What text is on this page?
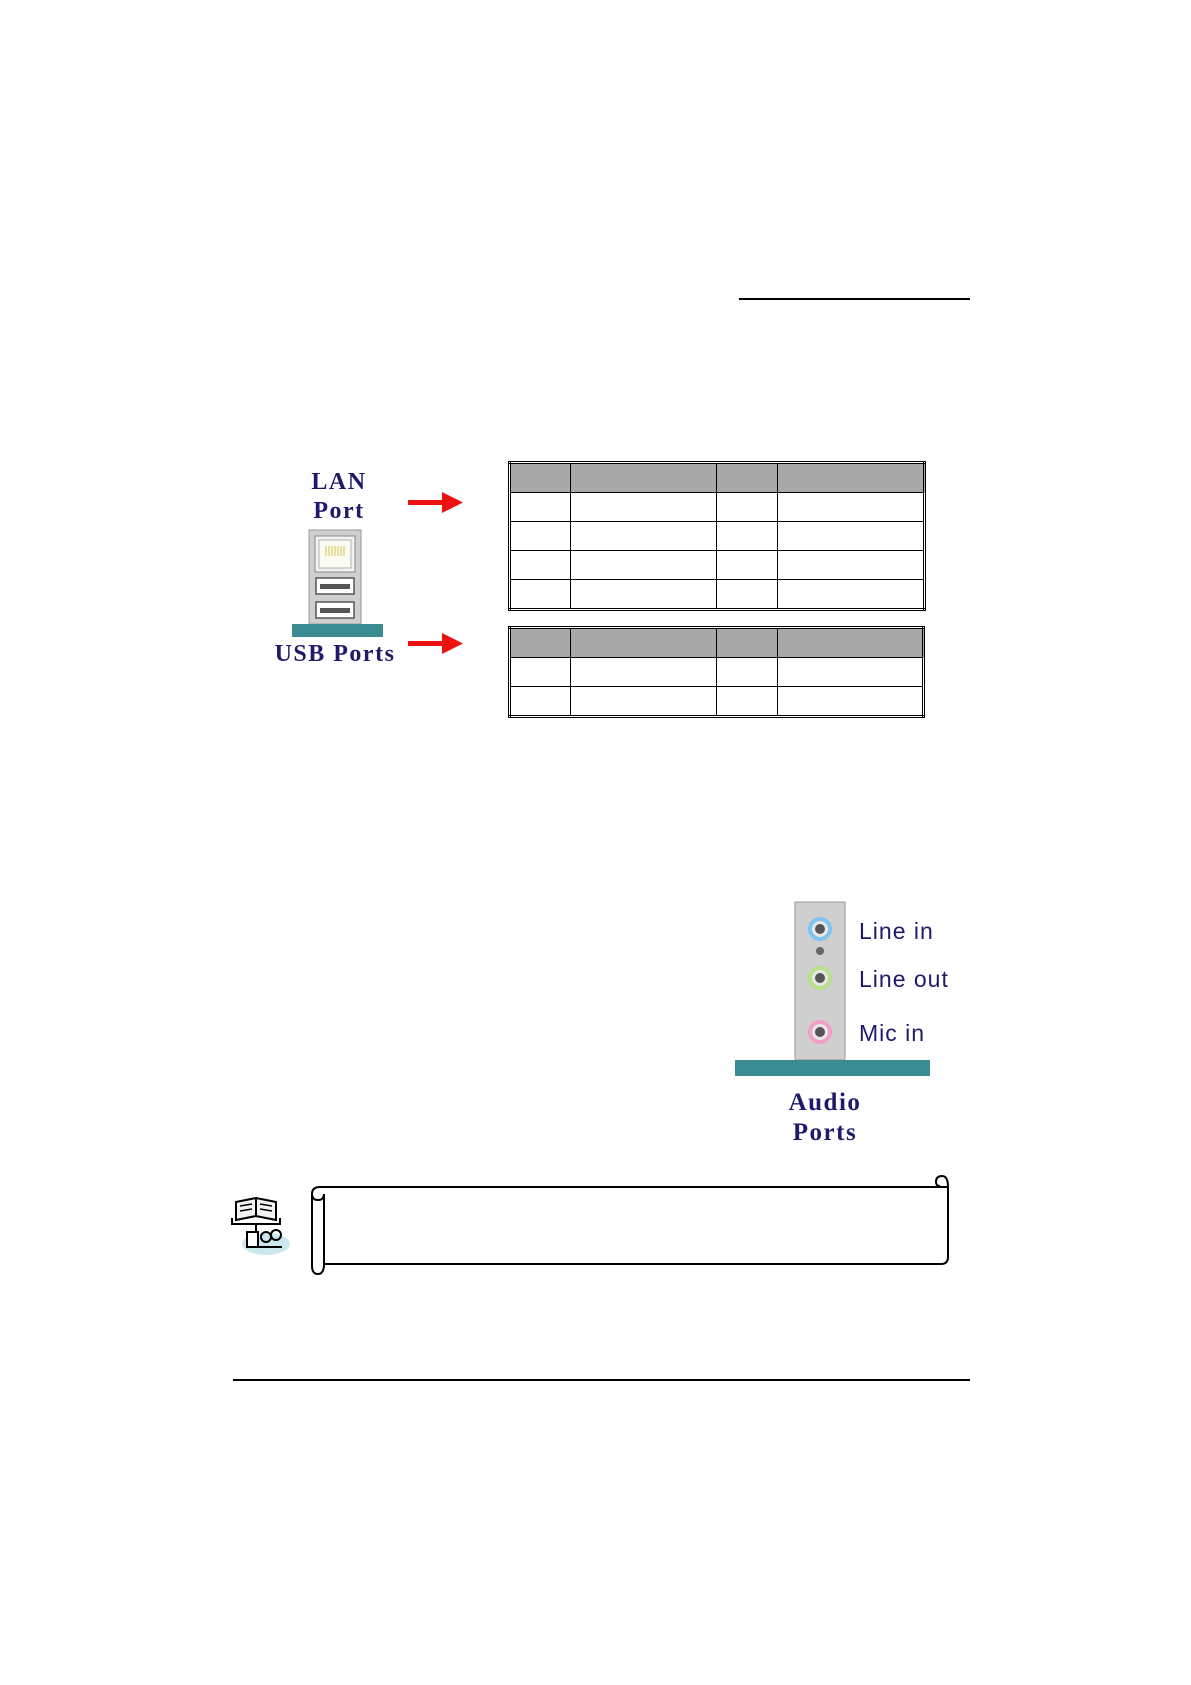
LAN Port
USB Ports

Line in
Line out
Mic in
Audio Ports
